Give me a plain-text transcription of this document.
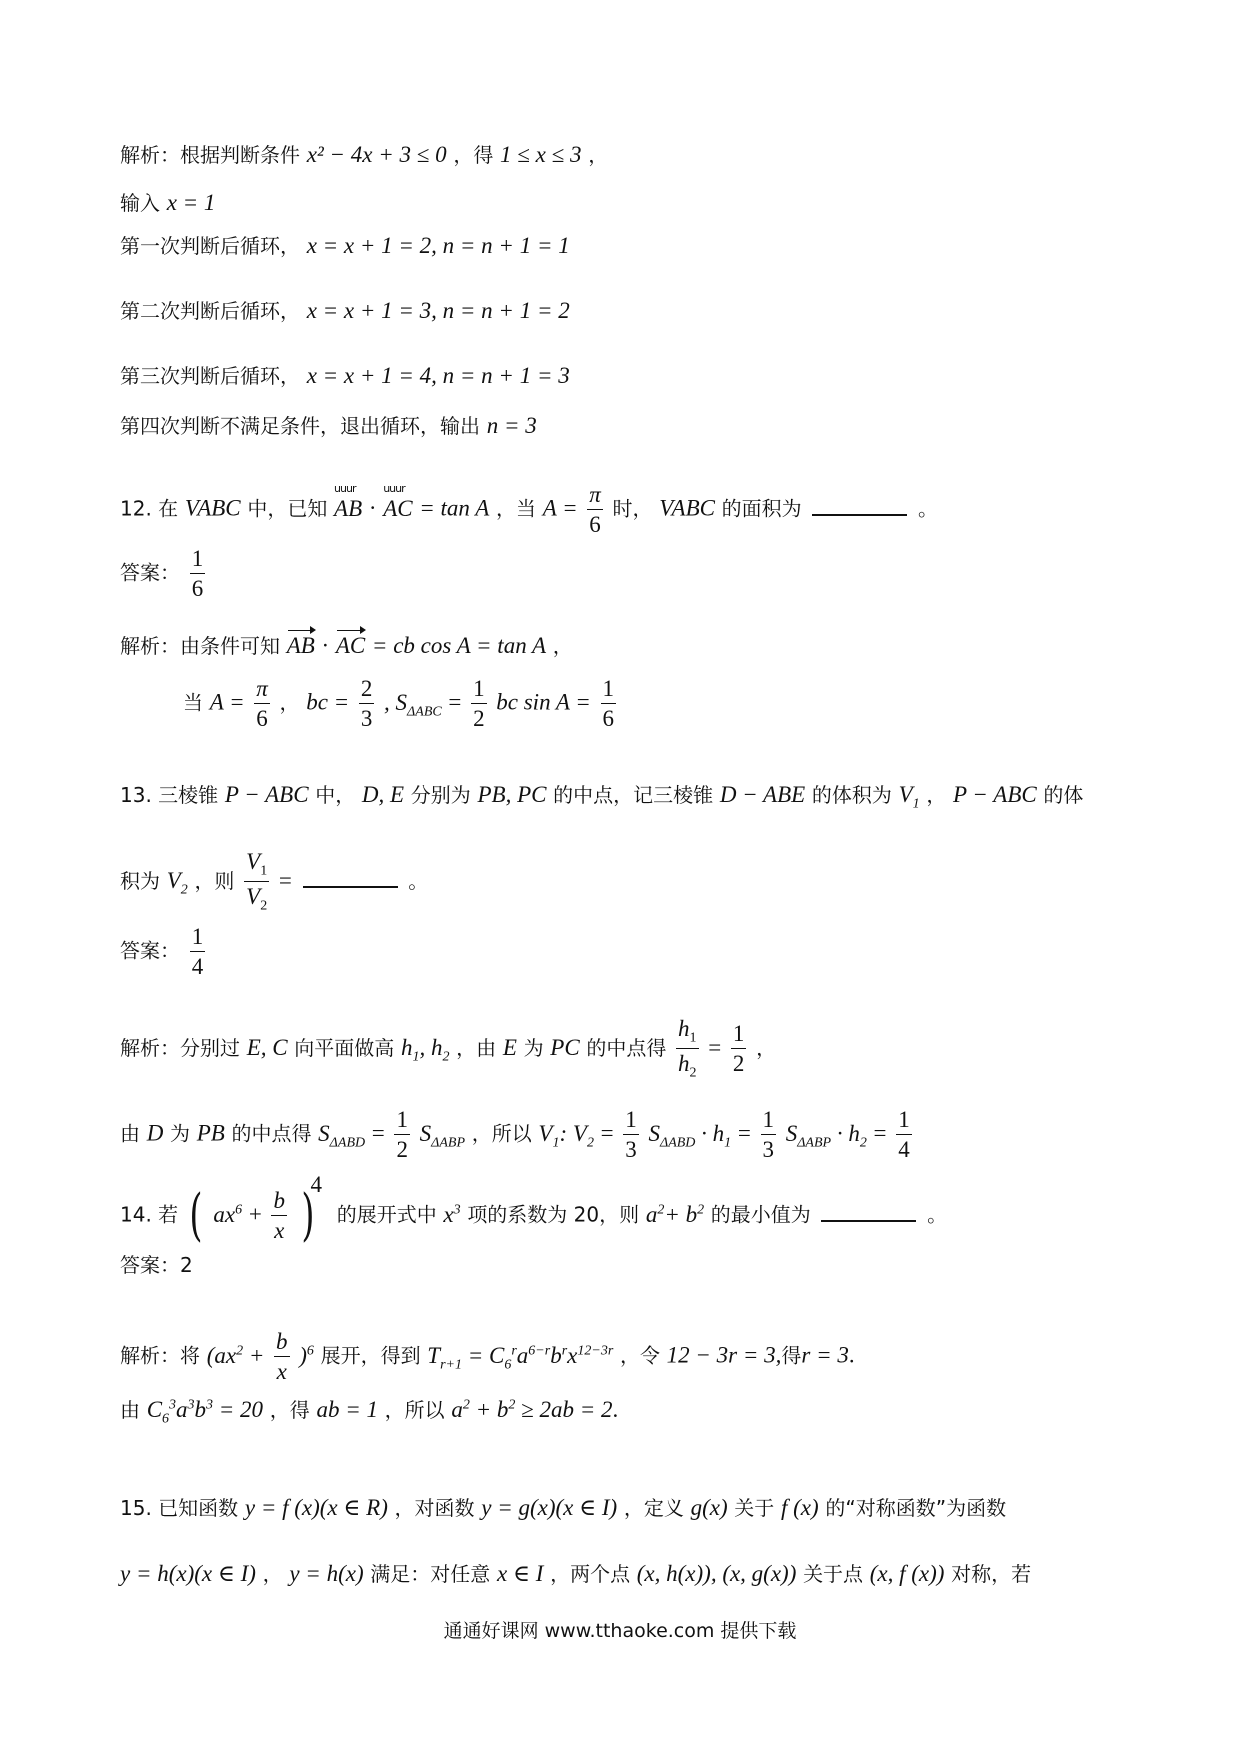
解析：根据判断条件 x² − 4x + 3 ≤ 0 ，得 1 ≤ x ≤ 3 ，
输入 x = 1
第一次判断后循环， x = x + 1 = 2, n = n + 1 = 1
第二次判断后循环， x = x + 1 = 3, n = n + 1 = 2
第三次判断后循环， x = x + 1 = 4, n = n + 1 = 3
第四次判断不满足条件，退出循环，输出 n = 3
12. 在 VABC 中，已知
uuur
AB ·
uuur
AC = tan A ，当 $A = \frac{\pi}{6}$ 时， VABC 的面积为	。
答案： $\frac{1}{6}$
解析：由条件可知 AB · AC = cb cos A = tan A ，
当 $A = \frac{\pi}{6}$ ， bc = $\frac{2}{3}$ , $S_{\Delta ABC} = \frac{1}{2}$ bc $\sin A = \frac{1}{6}$
13. 三棱锥 P − ABC 中， D, E 分别为 PB, PC 的中点，记三棱锥 D − ABE 的体积为 $V_1$ ， P − ABC 的体
积为 $V_2$ ，则 $\frac{V_1}{V_2}$ =	。
答案： $\frac{1}{4}$
解析：分别过 E, C 向平面做高 $h_1$, $h_2$ ，由 E 为 PC 的中点得 $\frac{h_1}{h_2} = \frac{1}{2}$ ，
由 D 为 PB 的中点得 $S_{\Delta ABD} = \frac{1}{2} S_{\Delta ABP}$ ，所以 $V_1$: $V_2 = \frac{1}{3} S_{\Delta ABD} \cdot h_1 = \frac{1}{3} S_{\Delta ABP} \cdot h_2 = \frac{1}{4}$
14. 若 ( $ax^6 + \frac{b}{x} )^4$ 的展开式中 $x^3$ 项的系数为 20，则 $a^2+ b^2$ 的最小值为	。
答案：2
解析：将 $(ax^2 + \frac{b}{x} )^6$ 展开，得到 $T_{r+1} = C_6^ra^{6-r}b^rx^{12-3r}$ ，令 12 − 3r = 3,得r = 3.
由 $C_6^3a^3b^3 = 20$ ，得 ab = 1 ，所以 $a^2 + b^2 \ge 2ab = 2$.
15. 已知函数 y = f (x)(x ∈ R) ，对函数 y = g(x)(x ∈ I) ，定义 g(x) 关于 f (x) 的“对称函数”为函数
y = h(x)(x ∈ I) ， y = h(x) 满足：对任意 x ∈ I ，两个点 (x, h(x)), (x, g(x)) 关于点 (x, f (x)) 对称，若
通通好课网 www.tthaoke.com 提供下载
